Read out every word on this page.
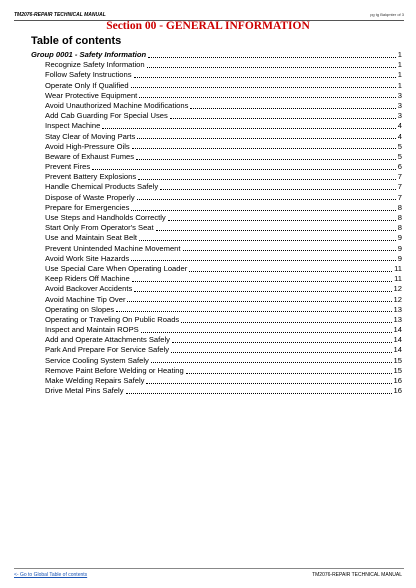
TM2076-REPAIR TECHNICAL MANUAL	pg tg Balqmter of 3
Section 00 - GENERAL INFORMATION
Table of contents
Group 0001 - Safety Information	1
Recognize Safety Information	1
Follow Safety Instructions	1
Operate Only If Qualified	1
Wear Protective Equipment	3
Avoid Unauthorized Machine Modifications	3
Add Cab Guarding For Special Uses	3
Inspect Machine	4
Stay Clear of Moving Parts	4
Avoid High-Pressure Oils	5
Beware of Exhaust Fumes	5
Prevent Fires	6
Prevent Battery Explosions	7
Handle Chemical Products Safely	7
Dispose of Waste Properly	7
Prepare for Emergencies	8
Use Steps and Handholds Correctly	8
Start Only From Operator's Seat	8
Use and Maintain Seat Belt	9
Prevent Unintended Machine Movement	9
Avoid Work Site Hazards	9
Use Special Care When Operating Loader	11
Keep Riders Off Machine	11
Avoid Backover Accidents	12
Avoid Machine Tip Over	12
Operating on Slopes	13
Operating or Traveling On Public Roads	13
Inspect and Maintain ROPS	14
Add and Operate Attachments Safely	14
Park And Prepare For Service Safely	14
Service Cooling System Safely	15
Remove Paint Before Welding or Heating	15
Make Welding Repairs Safely	16
Drive Metal Pins Safely	16
<- Go to Global Table of contents	TM2076-REPAIR TECHNICAL MANUAL
